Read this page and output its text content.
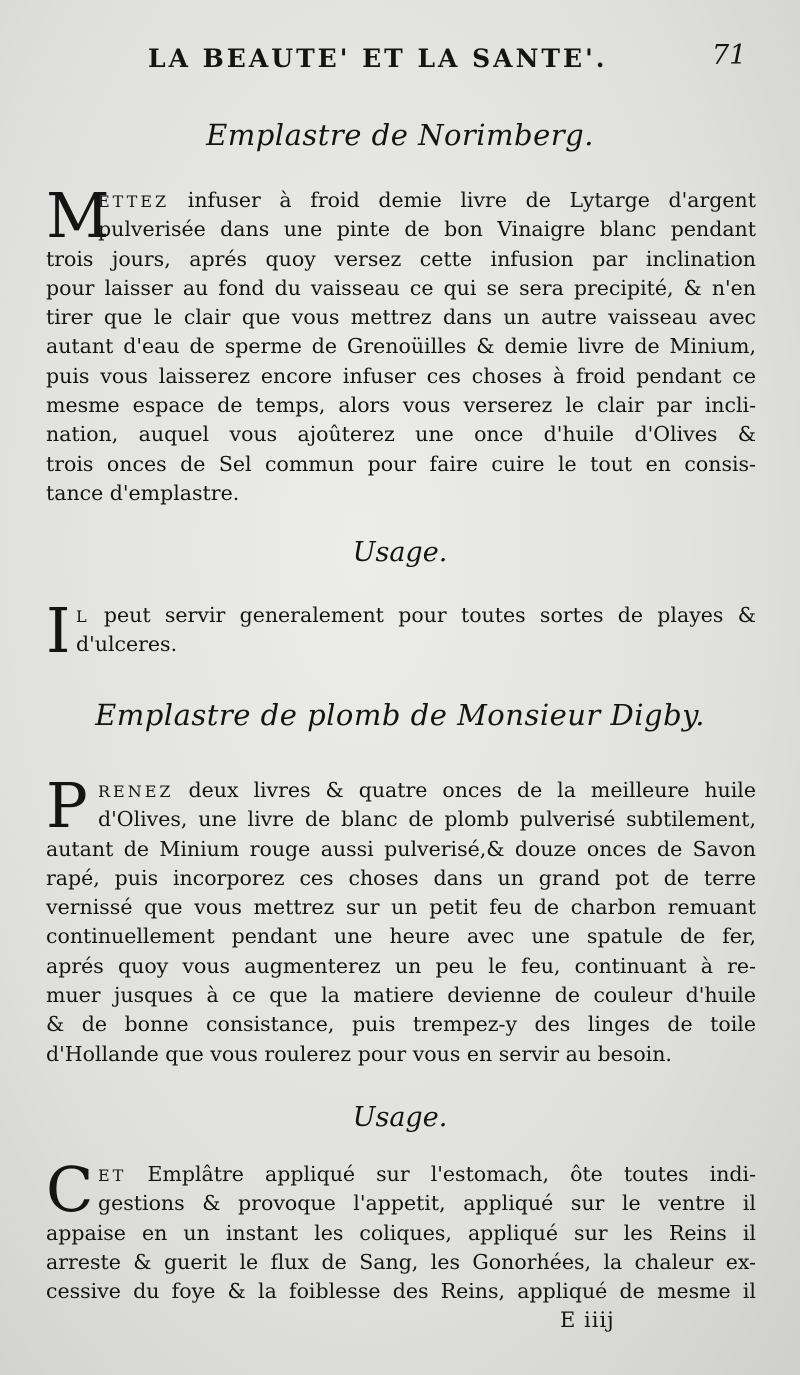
LA BEAUTE' ET LA SANTE'.	71
Emplastre de Norimberg.
M
ETTEZ infuser à froid demie livre de Lytarge d'argent
pulverisée dans une pinte de bon Vinaigre blanc pendant
trois jours, aprés quoy versez cette infusion par inclination
pour laisser au fond du vaisseau ce qui se sera precipité, & n'en
tirer que le clair que vous mettrez dans un autre vaisseau avec
autant d'eau de sperme de Grenoüilles & demie livre de Minium,
puis vous laisserez encore infuser ces choses à froid pendant ce
mesme espace de temps, alors vous verserez le clair par incli-
nation, auquel vous ajoûterez une once d'huile d'Olives &
trois onces de Sel commun pour faire cuire le tout en consis-
tance d'emplastre.
Usage.
I L peut servir generalement pour toutes sortes de playes &
d'ulceres.
Emplastre de plomb de Monsieur Digby.
P RENEZ deux livres & quatre onces de la meilleure huile
d'Olives, une livre de blanc de plomb pulverisé subtilement,
autant de Minium rouge aussi pulverisé,& douze onces de Savon
rapé, puis incorporez ces choses dans un grand pot de terre
vernissé que vous mettrez sur un petit feu de charbon remuant
continuellement pendant une heure avec une spatule de fer,
aprés quoy vous augmenterez un peu le feu, continuant à re-
muer jusques à ce que la matiere devienne de couleur d'huile
& de bonne consistance, puis trempez-y des linges de toile
d'Hollande que vous roulerez pour vous en servir au besoin.
Usage.
C ET Emplâtre appliqué sur l'estomach, ôte toutes indi-
gestions & provoque l'appetit, appliqué sur le ventre il
appaise en un instant les coliques, appliqué sur les Reins il
arreste & guerit le flux de Sang, les Gonorhées, la chaleur ex-
cessive du foye & la foiblesse des Reins, appliqué de mesme il
E iiij
